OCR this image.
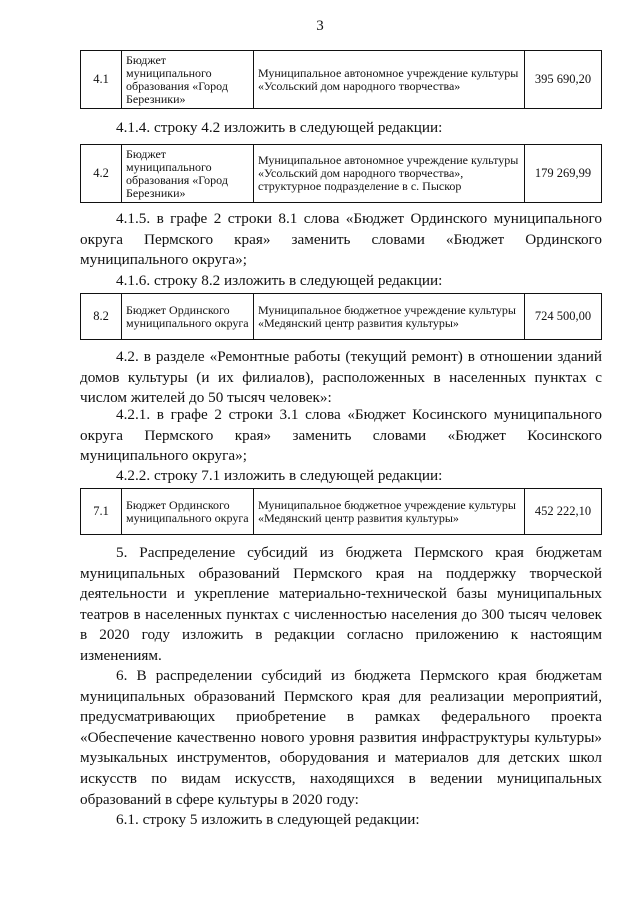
3
4.1	Бюджет муниципального образования «Город Березники»	Муниципальное автономное учреждение культуры «Усольский дом народного творчества»	395 690,20
4.1.4. строку 4.2 изложить в следующей редакции:
4.2	Бюджет муниципального образования «Город Березники»	Муниципальное автономное учреждение культуры «Усольский дом народного творчества», структурное подразделение в с. Пыскор	179 269,99
4.1.5. в графе 2 строки 8.1 слова «Бюджет Ординского муниципального округа Пермского края» заменить словами «Бюджет Ординского муниципального округа»;
4.1.6. строку 8.2 изложить в следующей редакции:
8.2	Бюджет Ординского муниципального округа	Муниципальное бюджетное учреждение культуры «Медянский центр развития культуры»	724 500,00
4.2. в разделе «Ремонтные работы (текущий ремонт) в отношении зданий домов культуры (и их филиалов), расположенных в населенных пунктах с числом жителей до 50 тысяч человек»:
4.2.1. в графе 2 строки 3.1 слова «Бюджет Косинского муниципального округа Пермского края» заменить словами «Бюджет Косинского муниципального округа»;
4.2.2. строку 7.1 изложить в следующей редакции:
7.1	Бюджет Ординского муниципального округа	Муниципальное бюджетное учреждение культуры «Медянский центр развития культуры»	452 222,10
5. Распределение субсидий из бюджета Пермского края бюджетам муниципальных образований Пермского края на поддержку творческой деятельности и укрепление материально-технической базы муниципальных театров в населенных пунктах с численностью населения до 300 тысяч человек в 2020 году изложить в редакции согласно приложению к настоящим изменениям.
6. В распределении субсидий из бюджета Пермского края бюджетам муниципальных образований Пермского края для реализации мероприятий, предусматривающих приобретение в рамках федерального проекта «Обеспечение качественно нового уровня развития инфраструктуры культуры» музыкальных инструментов, оборудования и материалов для детских школ искусств по видам искусств, находящихся в ведении муниципальных образований в сфере культуры в 2020 году:
6.1. строку 5 изложить в следующей редакции:
